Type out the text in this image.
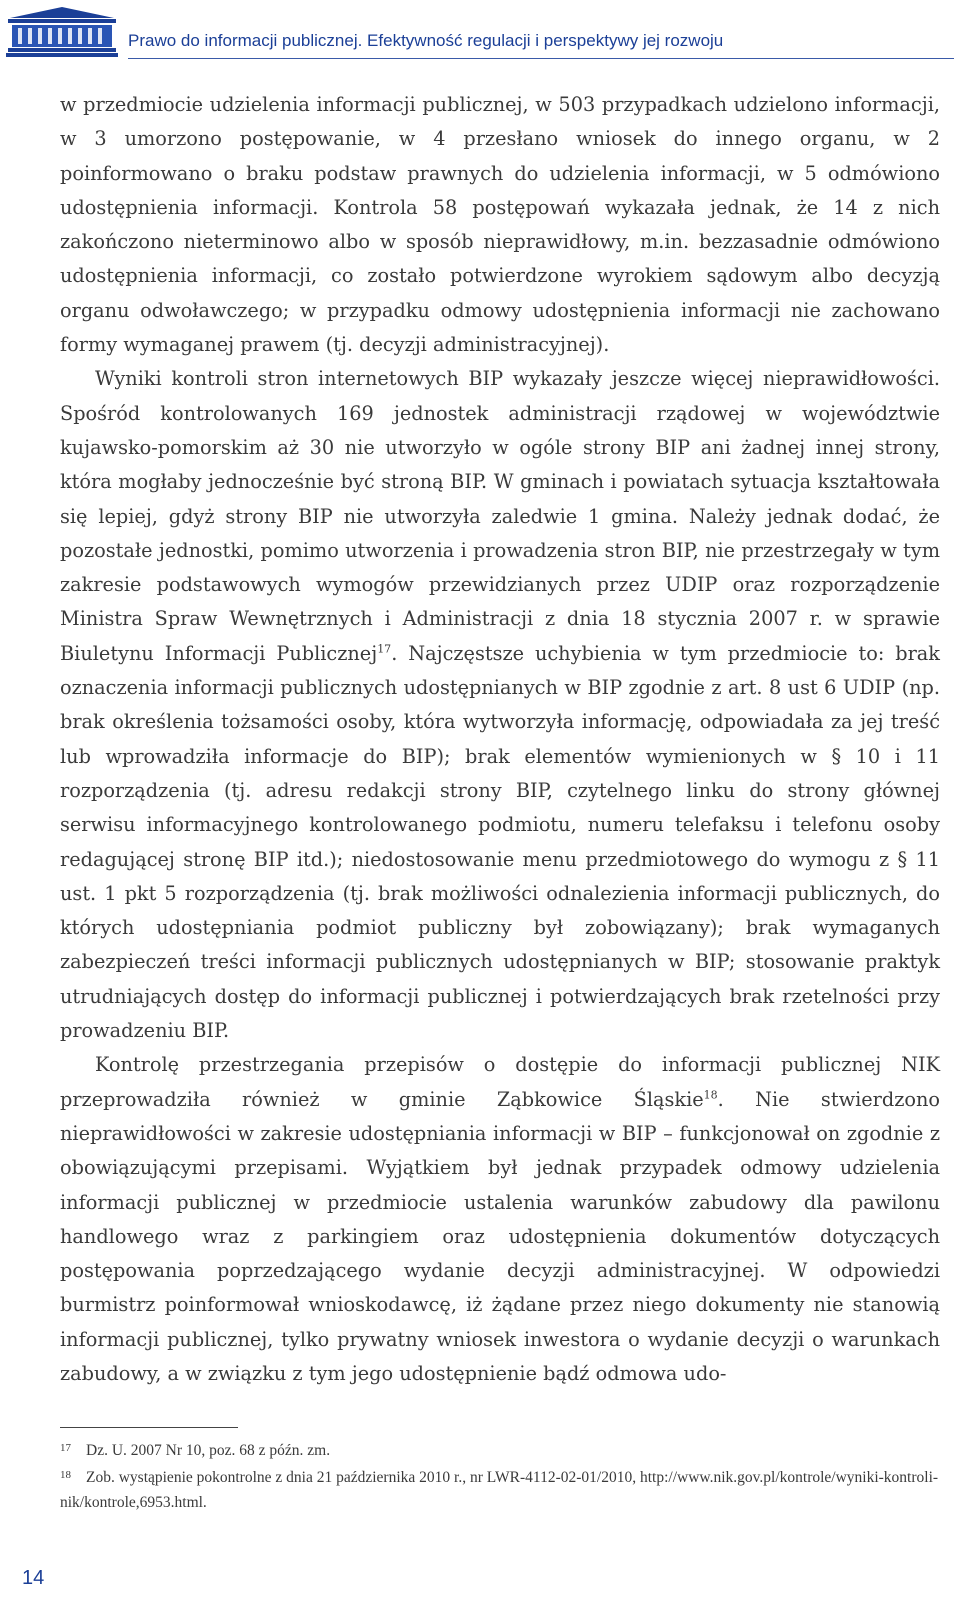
Prawo do informacji publicznej. Efektywność regulacji i perspektywy jej rozwoju

w przedmiocie udzielenia informacji publicznej, w 503 przypadkach udzielono informacji, w 3 umorzono postępowanie, w 4 przesłano wniosek do innego organu, w 2 poinformowano o braku podstaw prawnych do udzielenia informacji, w 5 odmówiono udostępnienia informacji. Kontrola 58 postępowań wykazała jednak, że 14 z nich zakończono nieterminowo albo w sposób nieprawidłowy, m.in. bezzasadnie odmówiono udostępnienia informacji, co zostało potwierdzone wyrokiem sądowym albo decyzją organu odwoławczego; w przypadku odmowy udostępnienia informacji nie zachowano formy wymaganej prawem (tj. decyzji administracyjnej).

Wyniki kontroli stron internetowych BIP wykazały jeszcze więcej nieprawidłowości. Spośród kontrolowanych 169 jednostek administracji rządowej w województwie kujawsko-pomorskim aż 30 nie utworzyło w ogóle strony BIP ani żadnej innej strony, która mogłaby jednocześnie być stroną BIP. W gminach i powiatach sytuacja kształtowała się lepiej, gdyż strony BIP nie utworzyła zaledwie 1 gmina. Należy jednak dodać, że pozostałe jednostki, pomimo utworzenia i prowadzenia stron BIP, nie przestrzegały w tym zakresie podstawowych wymogów przewidzianych przez UDIP oraz rozporządzenie Ministra Spraw Wewnętrznych i Administracji z dnia 18 stycznia 2007 r. w sprawie Biuletynu Informacji Publicznej$^{17}$. Najczęstsze uchybienia w tym przedmiocie to: brak oznaczenia informacji publicznych udostępnianych w BIP zgodnie z art. 8 ust 6 UDIP (np. brak określenia tożsamości osoby, która wytworzyła informację, odpowiadała za jej treść lub wprowadziła informacje do BIP); brak elementów wymienionych w § 10 i 11 rozporządzenia (tj. adresu redakcji strony BIP, czytelnego linku do strony głównej serwisu informacyjnego kontrolowanego podmiotu, numeru telefaksu i telefonu osoby redagującej stronę BIP itd.); niedostosowanie menu przedmiotowego do wymogu z § 11 ust. 1 pkt 5 rozporządzenia (tj. brak możliwości odnalezienia informacji publicznych, do których udostępniania podmiot publiczny był zobowiązany); brak wymaganych zabezpieczeń treści informacji publicznych udostępnianych w BIP; stosowanie praktyk utrudniających dostęp do informacji publicznej i potwierdzających brak rzetelności przy prowadzeniu BIP.

Kontrolę przestrzegania przepisów o dostępie do informacji publicznej NIK przeprowadziła również w gminie Ząbkowice Śląskie$^{18}$. Nie stwierdzono nieprawidłowości w zakresie udostępniania informacji w BIP – funkcjonował on zgodnie z obowiązującymi przepisami. Wyjątkiem był jednak przypadek odmowy udzielenia informacji publicznej w przedmiocie ustalenia warunków zabudowy dla pawilonu handlowego wraz z parkingiem oraz udostępnienia dokumentów dotyczących postępowania poprzedzającego wydanie decyzji administracyjnej. W odpowiedzi burmistrz poinformował wnioskodawcę, iż żądane przez niego dokumenty nie stanowią informacji publicznej, tylko prywatny wniosek inwestora o wydanie decyzji o warunkach zabudowy, a w związku z tym jego udostępnienie bądź odmowa udo-

17 Dz. U. 2007 Nr 10, poz. 68 z późn. zm.

18 Zob. wystąpienie pokontrolne z dnia 21 października 2010 r., nr LWR-4112-02-01/2010, http://www.nik.gov.pl/kontrole/wyniki-kontroli-nik/kontrole,6953.html.

14
